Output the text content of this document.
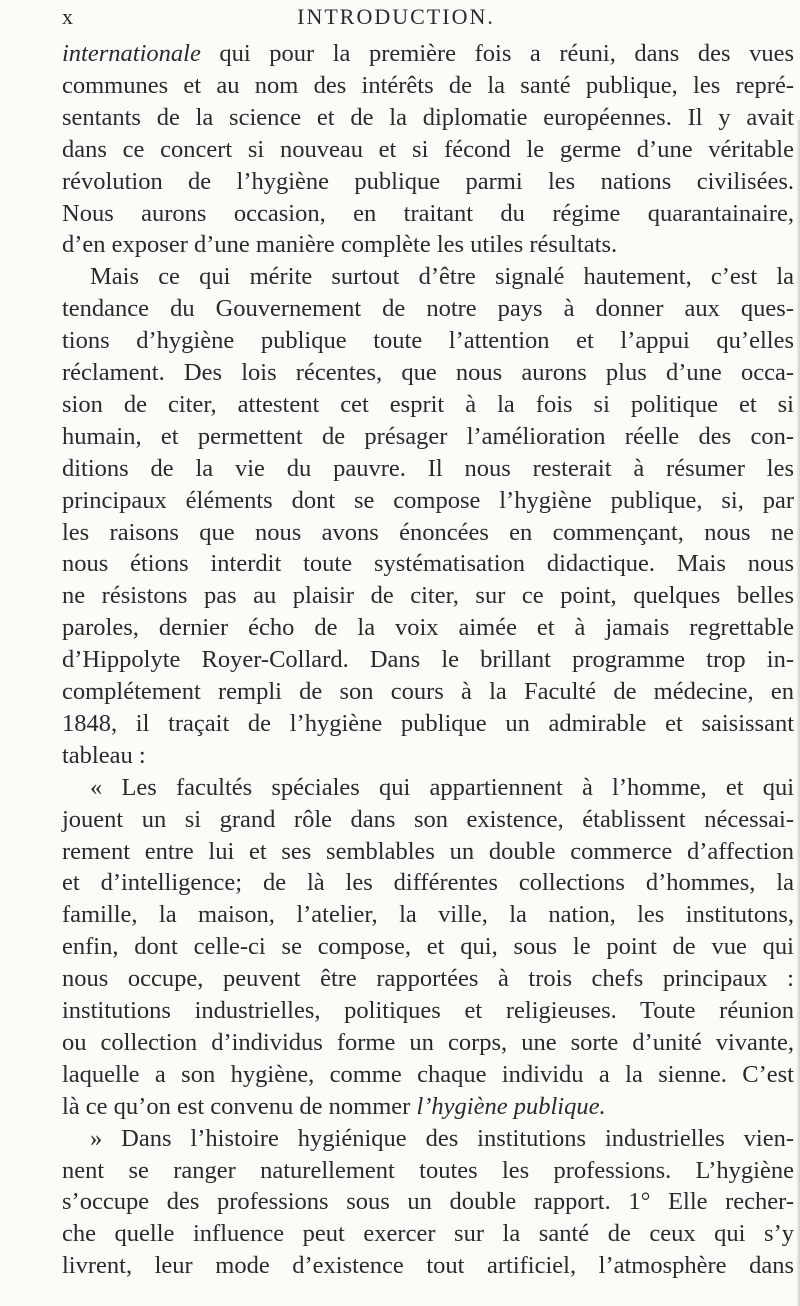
x	INTRODUCTION.
internationale qui pour la première fois a réuni, dans des vues
communes et au nom des intérêts de la santé publique, les repré-
sentants de la science et de la diplomatie européennes. Il y avait
dans ce concert si nouveau et si fécond le germe d’une véritable
révolution de l’hygiène publique parmi les nations civilisées.
Nous aurons occasion, en traitant du régime quarantainaire,
d’en exposer d’une manière complète les utiles résultats.
Mais ce qui mérite surtout d’être signalé hautement, c’est la
tendance du Gouvernement de notre pays à donner aux ques-
tions d’hygiène publique toute l’attention et l’appui qu’elles
réclament. Des lois récentes, que nous aurons plus d’une occa-
sion de citer, attestent cet esprit à la fois si politique et si
humain, et permettent de présager l’amélioration réelle des con-
ditions de la vie du pauvre. Il nous resterait à résumer les
principaux éléments dont se compose l’hygiène publique, si, par
les raisons que nous avons énoncées en commençant, nous ne
nous étions interdit toute systématisation didactique. Mais nous
ne résistons pas au plaisir de citer, sur ce point, quelques belles
paroles, dernier écho de la voix aimée et à jamais regrettable
d’Hippolyte Royer-Collard. Dans le brillant programme trop in-
complétement rempli de son cours à la Faculté de médecine, en
1848, il traçait de l’hygiène publique un admirable et saisissant
tableau :
« Les facultés spéciales qui appartiennent à l’homme, et qui
jouent un si grand rôle dans son existence, établissent nécessai-
rement entre lui et ses semblables un double commerce d’affection
et d’intelligence; de là les différentes collections d’hommes, la
famille, la maison, l’atelier, la ville, la nation, les institutons,
enfin, dont celle-ci se compose, et qui, sous le point de vue qui
nous occupe, peuvent être rapportées à trois chefs principaux :
institutions industrielles, politiques et religieuses. Toute réunion
ou collection d’individus forme un corps, une sorte d’unité vivante,
laquelle a son hygiène, comme chaque individu a la sienne. C’est
là ce qu’on est convenu de nommer l’hygiène publique.
» Dans l’histoire hygiénique des institutions industrielles vien-
nent se ranger naturellement toutes les professions. L’hygiène
s’occupe des professions sous un double rapport. 1° Elle recher-
che quelle influence peut exercer sur la santé de ceux qui s’y
livrent, leur mode d’existence tout artificiel, l’atmosphère dans
